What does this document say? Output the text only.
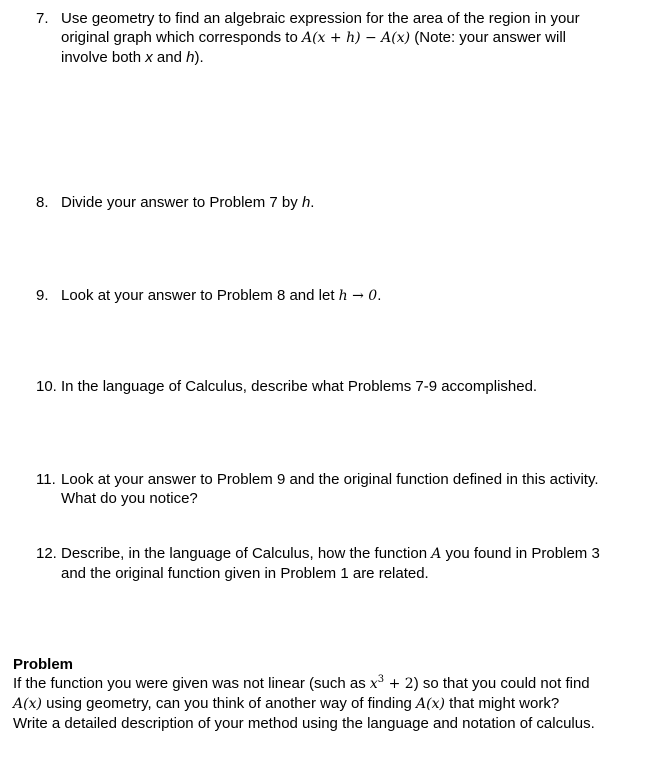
7. Use geometry to find an algebraic expression for the area of the region in your
original graph which corresponds to A(x + h) − A(x) (Note: your answer will
involve both x and h).
8. Divide your answer to Problem 7 by h.
9. Look at your answer to Problem 8 and let h → 0.
10. In the language of Calculus, describe what Problems 7-9 accomplished.
11. Look at your answer to Problem 9 and the original function defined in this activity.
What do you notice?
12. Describe, in the language of Calculus, how the function A you found in Problem 3
and the original function given in Problem 1 are related.
Problem
If the function you were given was not linear (such as $x^3 + 2$) so that you could not find
A(x) using geometry, can you think of another way of finding A(x) that might work?
Write a detailed description of your method using the language and notation of calculus.
